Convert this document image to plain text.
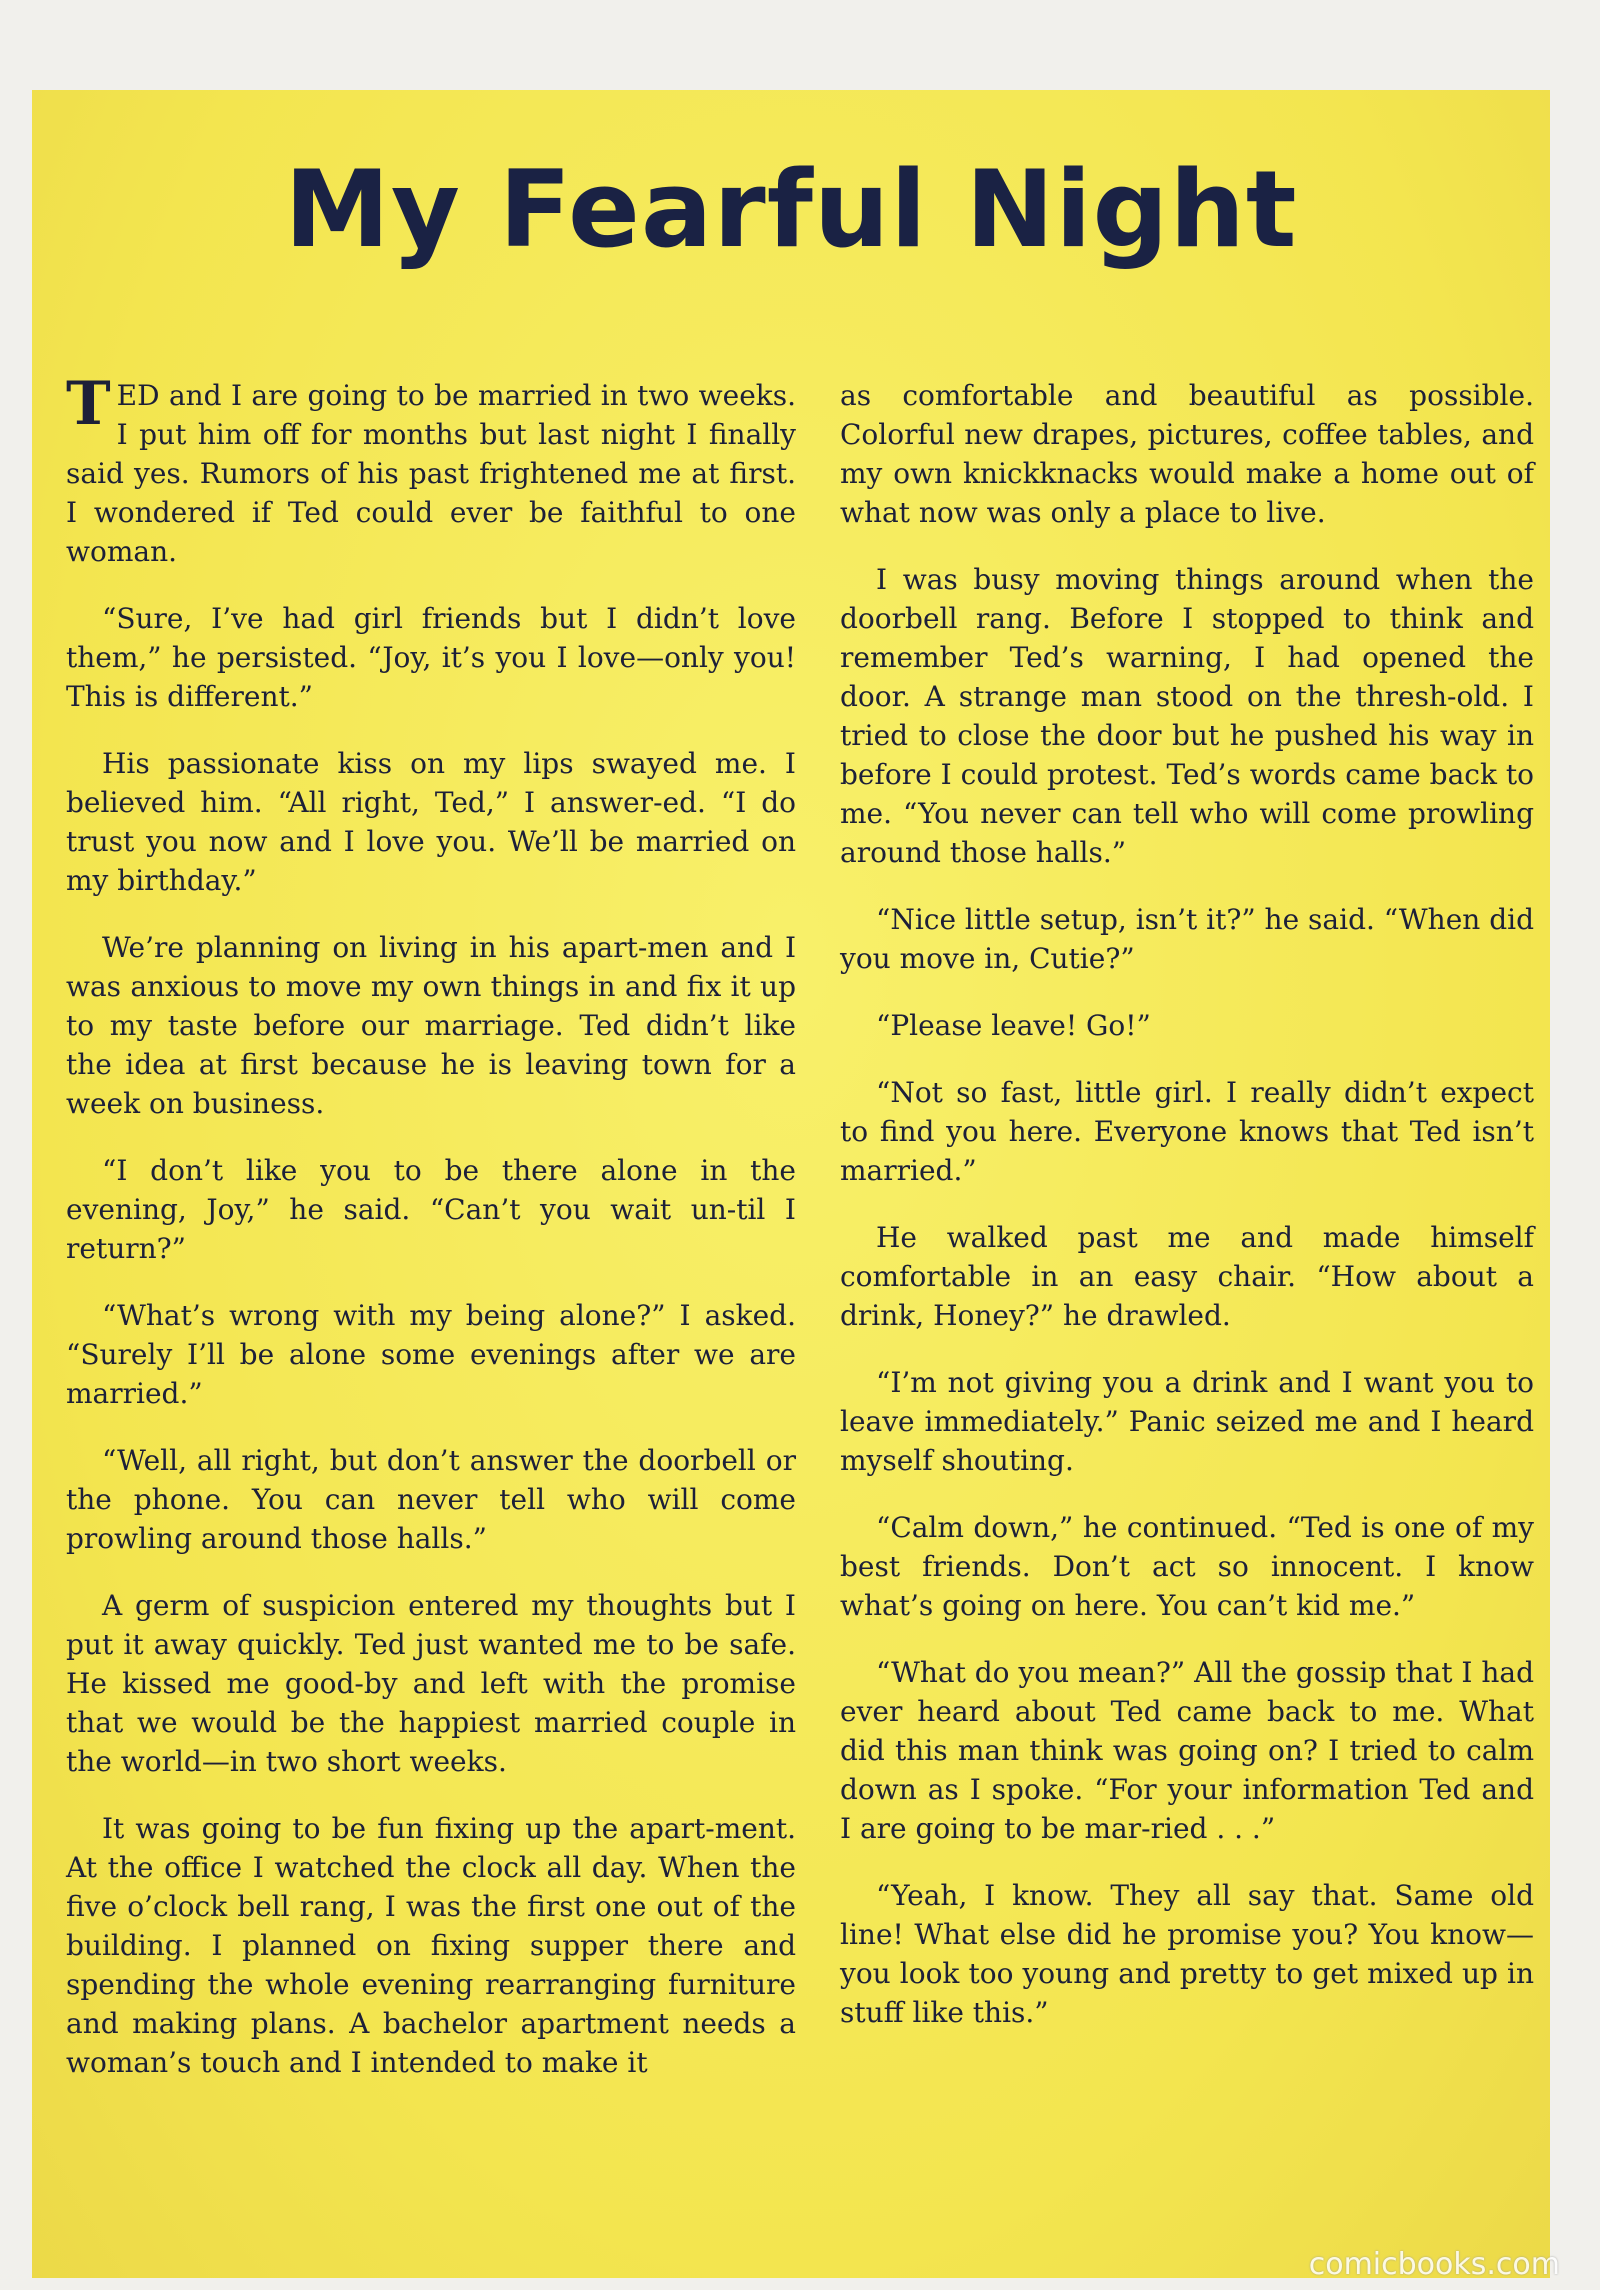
My Fearful Night

TED and I are going to be married in two weeks. I put him off for months but last night I finally said yes. Rumors of his past frightened me at first. I wondered if Ted could ever be faithful to one woman.

“Sure, I’ve had girl friends but I didn’t love them,” he persisted. “Joy, it’s you I love—only you! This is different.”

His passionate kiss on my lips swayed me. I believed him. “All right, Ted,” I answer-ed. “I do trust you now and I love you. We’ll be married on my birthday.”

We’re planning on living in his apart-men and I was anxious to move my own things in and fix it up to my taste before our marriage. Ted didn’t like the idea at first because he is leaving town for a week on business.

“I don’t like you to be there alone in the evening, Joy,” he said. “Can’t you wait un-til I return?”

“What’s wrong with my being alone?” I asked. “Surely I’ll be alone some evenings after we are married.”

“Well, all right, but don’t answer the doorbell or the phone. You can never tell who will come prowling around those halls.”

A germ of suspicion entered my thoughts but I put it away quickly. Ted just wanted me to be safe. He kissed me good-by and left with the promise that we would be the happiest married couple in the world—in two short weeks.

It was going to be fun fixing up the apart-ment. At the office I watched the clock all day. When the five o’clock bell rang, I was the first one out of the building. I planned on fixing supper there and spending the whole evening rearranging furniture and making plans. A bachelor apartment needs a woman’s touch and I intended to make it

as comfortable and beautiful as possible. Colorful new drapes, pictures, coffee tables, and my own knickknacks would make a home out of what now was only a place to live.

I was busy moving things around when the doorbell rang. Before I stopped to think and remember Ted’s warning, I had opened the door. A strange man stood on the thresh-old. I tried to close the door but he pushed his way in before I could protest. Ted’s words came back to me. “You never can tell who will come prowling around those halls.”

“Nice little setup, isn’t it?” he said. “When did you move in, Cutie?”

“Please leave! Go!”

“Not so fast, little girl. I really didn’t expect to find you here. Everyone knows that Ted isn’t married.”

He walked past me and made himself comfortable in an easy chair. “How about a drink, Honey?” he drawled.

“I’m not giving you a drink and I want you to leave immediately.” Panic seized me and I heard myself shouting.

“Calm down,” he continued. “Ted is one of my best friends. Don’t act so innocent. I know what’s going on here. You can’t kid me.”

“What do you mean?” All the gossip that I had ever heard about Ted came back to me. What did this man think was going on? I tried to calm down as I spoke. “For your information Ted and I are going to be mar-ried . . .”

“Yeah, I know. They all say that. Same old line! What else did he promise you? You know—you look too young and pretty to get mixed up in stuff like this.”

comicbooks.com
